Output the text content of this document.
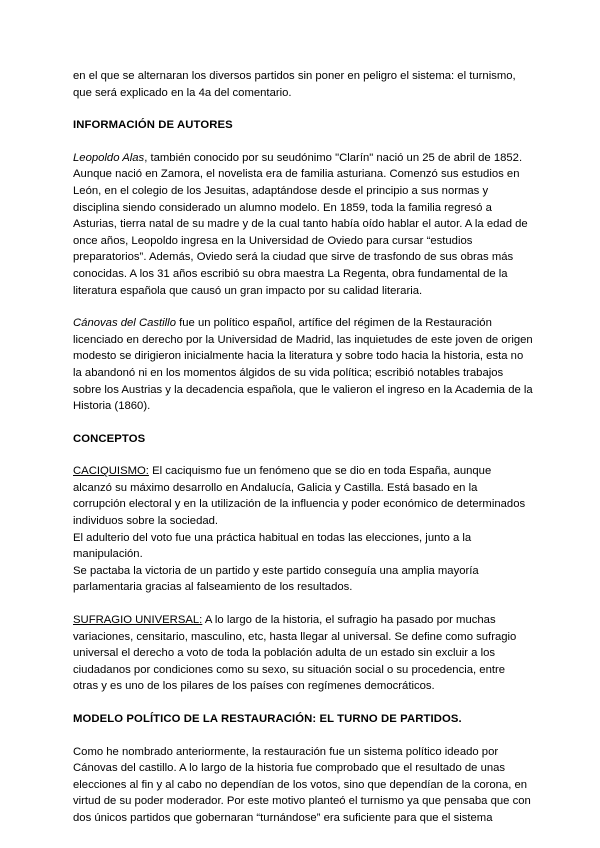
en el que se alternaran los diversos partidos sin poner en peligro el sistema: el turnismo, que será explicado en la 4a del comentario.

INFORMACIÓN DE AUTORES

Leopoldo Alas, también conocido por su seudónimo "Clarín" nació un 25 de abril de 1852. Aunque nació en Zamora, el novelista era de familia asturiana. Comenzó sus estudios en León, en el colegio de los Jesuitas, adaptándose desde el principio a sus normas y disciplina siendo considerado un alumno modelo. En 1859, toda la familia regresó a Asturias, tierra natal de su madre y de la cual tanto había oído hablar el autor. A la edad de once años, Leopoldo ingresa en la Universidad de Oviedo para cursar “estudios preparatorios”. Además, Oviedo será la ciudad que sirve de trasfondo de sus obras más conocidas. A los 31 años escribió su obra maestra La Regenta, obra fundamental de la literatura española que causó un gran impacto por su calidad literaria.

Cánovas del Castillo fue un político español, artífice del régimen de la Restauración licenciado en derecho por la Universidad de Madrid, las inquietudes de este joven de origen modesto se dirigieron inicialmente hacia la literatura y sobre todo hacia la historia, esta no la abandonó ni en los momentos álgidos de su vida política; escribió notables trabajos sobre los Austrias y la decadencia española, que le valieron el ingreso en la Academia de la Historia (1860).

CONCEPTOS

CACIQUISMO: El caciquismo fue un fenómeno que se dio en toda España, aunque alcanzó su máximo desarrollo en Andalucía, Galicia y Castilla. Está basado en la corrupción electoral y en la utilización de la influencia y poder económico de determinados individuos sobre la sociedad.

El adulterio del voto fue una práctica habitual en todas las elecciones, junto a la manipulación.

Se pactaba la victoria de un partido y este partido conseguía una amplia mayoría parlamentaria gracias al falseamiento de los resultados.

SUFRAGIO UNIVERSAL: A lo largo de la historia, el sufragio ha pasado por muchas variaciones, censitario, masculino, etc, hasta llegar al universal. Se define como sufragio universal el derecho a voto de toda la población adulta de un estado sin excluir a los ciudadanos por condiciones como su sexo, su situación social o su procedencia, entre otras y es uno de los pilares de los países con regímenes democráticos.

MODELO POLÍTICO DE LA RESTAURACIÓN: EL TURNO DE PARTIDOS.

Como he nombrado anteriormente, la restauración fue un sistema político ideado por Cánovas del castillo. A lo largo de la historia fue comprobado que el resultado de unas elecciones al fin y al cabo no dependían de los votos, sino que dependían de la corona, en virtud de su poder moderador. Por este motivo planteó el turnismo ya que pensaba que con dos únicos partidos que gobernaran “turnándose” era suficiente para que el sistema
